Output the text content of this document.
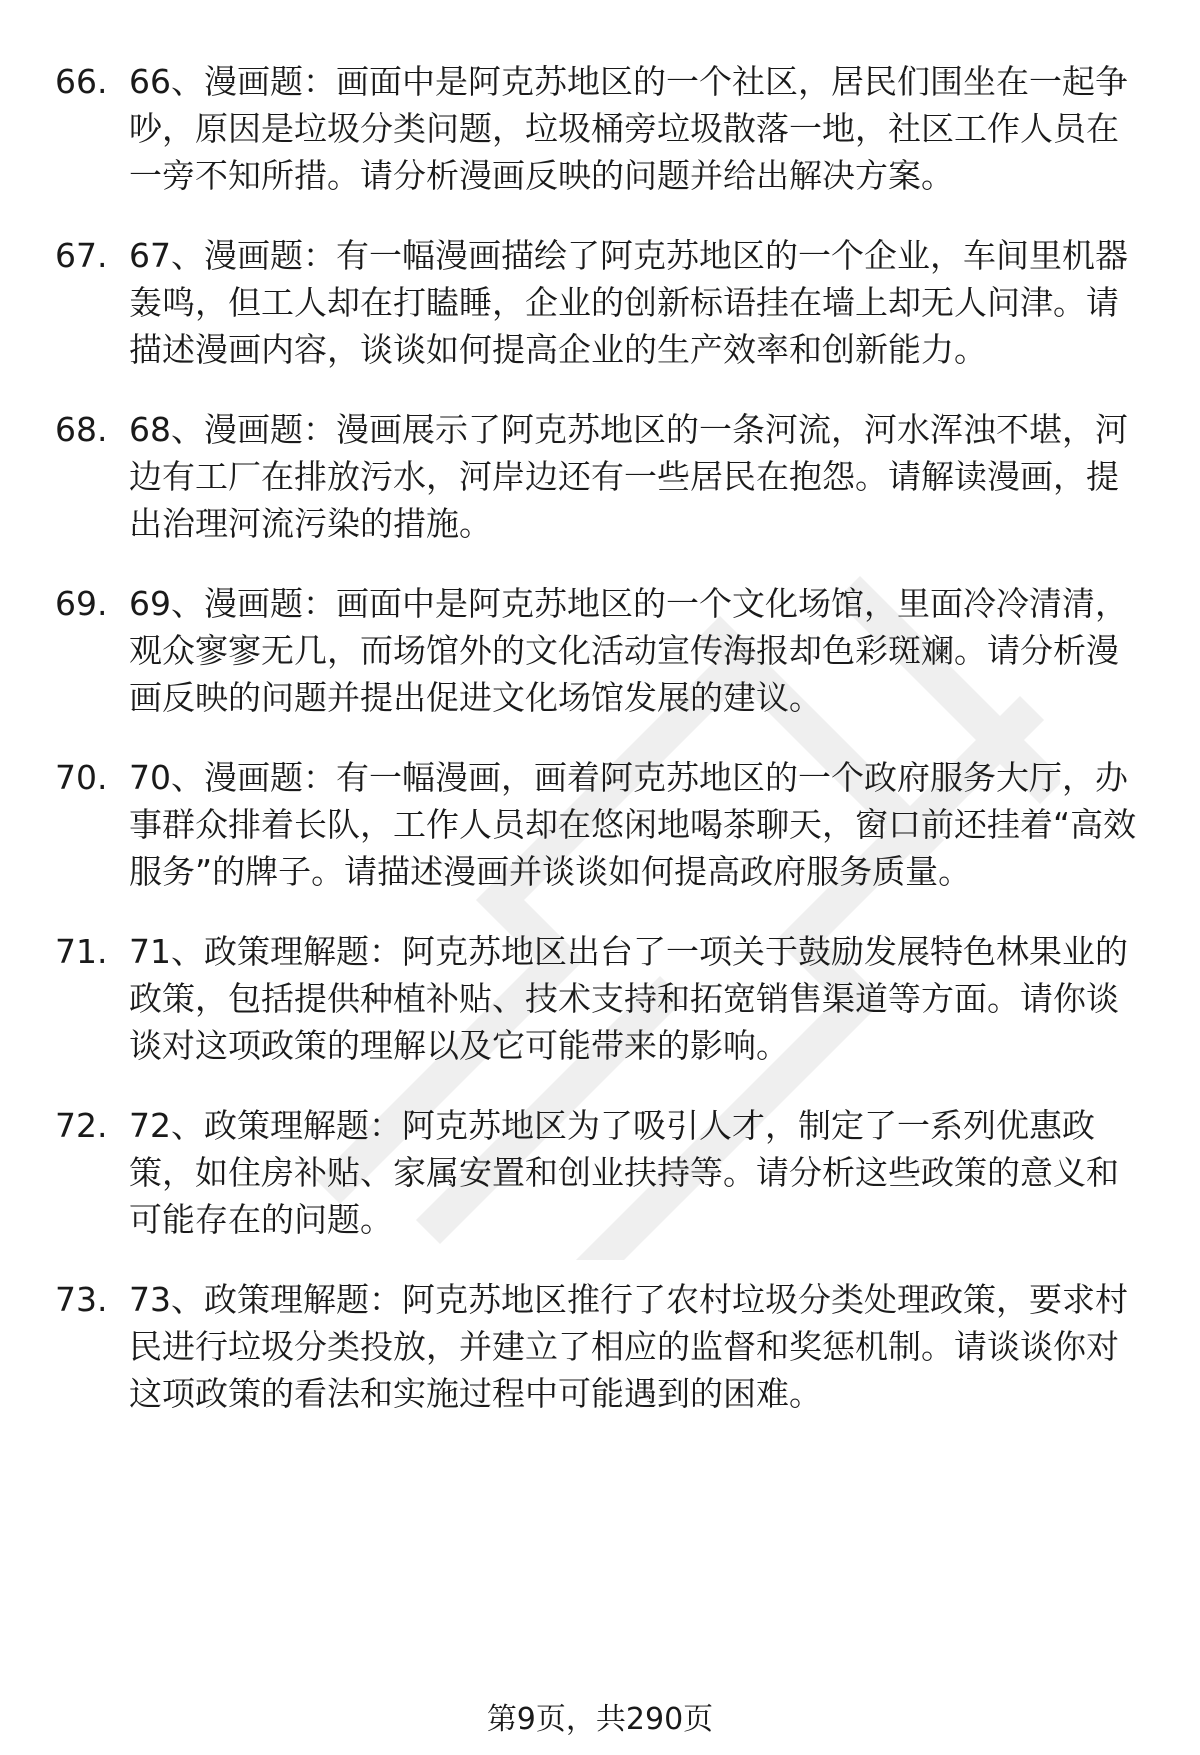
66. 66、漫画题：画面中是阿克苏地区的一个社区，居民们围坐在一起争吵，原因是垃圾分类问题，垃圾桶旁垃圾散落一地，社区工作人员在一旁不知所措。请分析漫画反映的问题并给出解决方案。
67. 67、漫画题：有一幅漫画描绘了阿克苏地区的一个企业，车间里机器轰鸣，但工人却在打瞌睡，企业的创新标语挂在墙上却无人问津。请描述漫画内容，谈谈如何提高企业的生产效率和创新能力。
68. 68、漫画题：漫画展示了阿克苏地区的一条河流，河水浑浊不堪，河边有工厂在排放污水，河岸边还有一些居民在抱怨。请解读漫画，提出治理河流污染的措施。
69. 69、漫画题：画面中是阿克苏地区的一个文化场馆，里面冷冷清清，观众寥寥无几，而场馆外的文化活动宣传海报却色彩斑斓。请分析漫画反映的问题并提出促进文化场馆发展的建议。
70. 70、漫画题：有一幅漫画，画着阿克苏地区的一个政府服务大厅，办事群众排着长队，工作人员却在悠闲地喝茶聊天，窗口前还挂着“高效服务”的牌子。请描述漫画并谈谈如何提高政府服务质量。
71. 71、政策理解题：阿克苏地区出台了一项关于鼓励发展特色林果业的政策，包括提供种植补贴、技术支持和拓宽销售渠道等方面。请你谈谈对这项政策的理解以及它可能带来的影响。
72. 72、政策理解题：阿克苏地区为了吸引人才，制定了一系列优惠政策，如住房补贴、家属安置和创业扶持等。请分析这些政策的意义和可能存在的问题。
73. 73、政策理解题：阿克苏地区推行了农村垃圾分类处理政策，要求村民进行垃圾分类投放，并建立了相应的监督和奖惩机制。请谈谈你对这项政策的看法和实施过程中可能遇到的困难。
第9页，共290页
